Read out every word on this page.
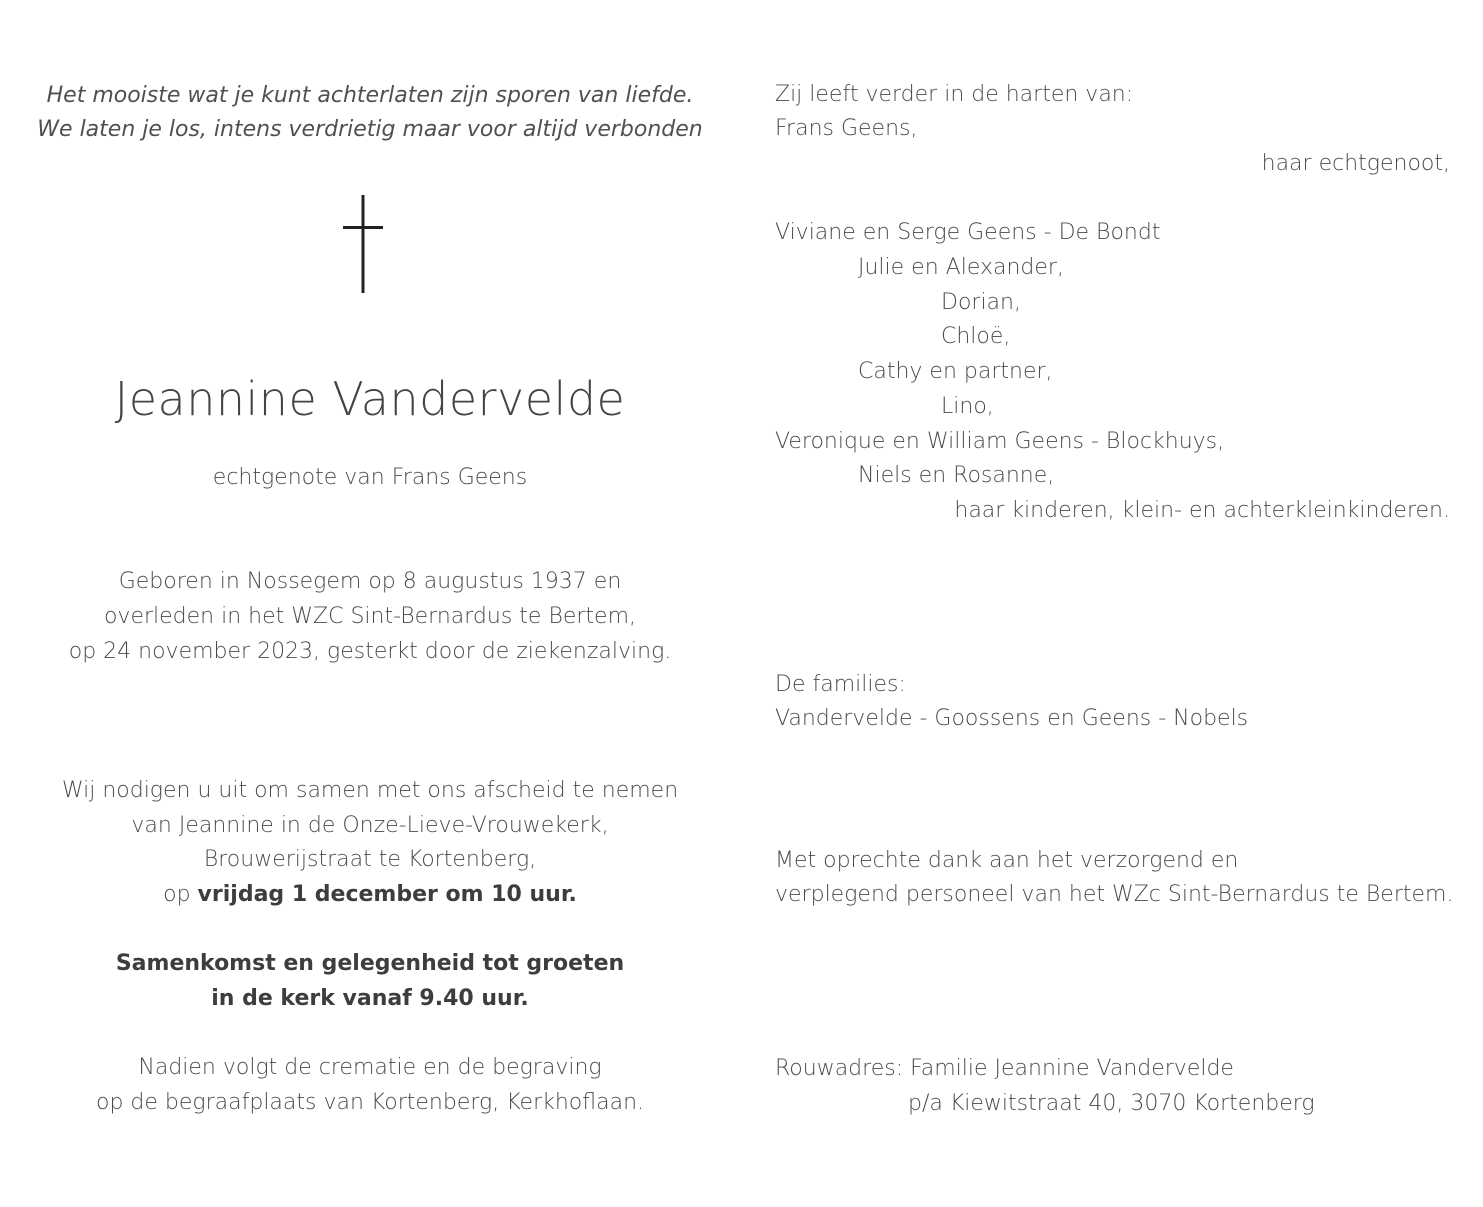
Het mooiste wat je kunt achterlaten zijn sporen van liefde.

We laten je los, intens verdrietig maar voor altijd verbonden

Jeannine Vandervelde

echtgenote van Frans Geens

Geboren in Nossegem op 8 augustus 1937 en

overleden in het WZC Sint-Bernardus te Bertem,

op 24 november 2023, gesterkt door de ziekenzalving.

Wij nodigen u uit om samen met ons afscheid te nemen

van Jeannine in de Onze-Lieve-Vrouwekerk,

Brouwerijstraat te Kortenberg,

op vrijdag 1 december om 10 uur.

Samenkomst en gelegenheid tot groeten

in de kerk vanaf 9.40 uur.

Nadien volgt de crematie en de begraving

op de begraafplaats van Kortenberg, Kerkhoflaan.

Zij leeft verder in de harten van:

Frans Geens,

haar echtgenoot,

Viviane en Serge Geens - De Bondt

Julie en Alexander,

Dorian,

Chloë,

Cathy en partner,

Lino,

Veronique en William Geens - Blockhuys,

Niels en Rosanne,

haar kinderen, klein- en achterkleinkinderen.

De families:

Vandervelde - Goossens en Geens - Nobels

Met oprechte dank aan het verzorgend en

verplegend personeel van het WZc Sint-Bernardus te Bertem.

Rouwadres: Familie Jeannine Vandervelde

p/a Kiewitstraat 40, 3070 Kortenberg
